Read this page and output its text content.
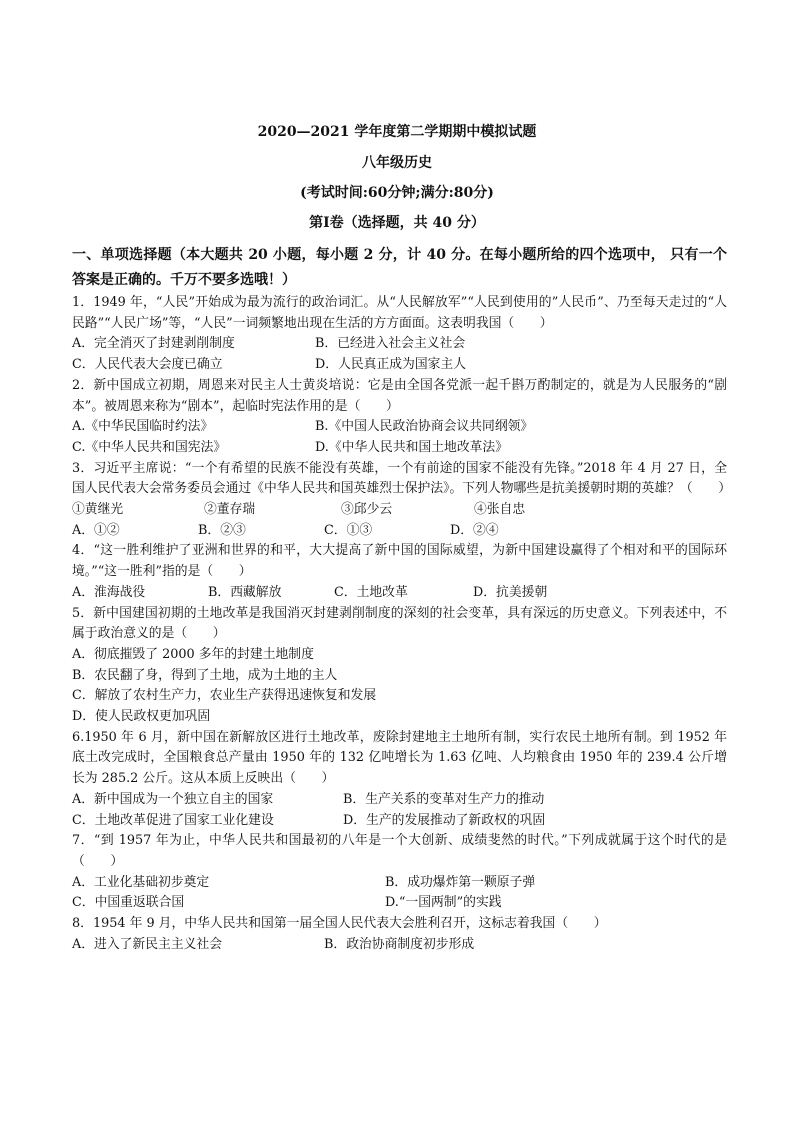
2020—2021 学年度第二学期期中模拟试题
八年级历史
(考试时间:60分钟;满分:80分)
第Ⅰ卷（选择题，共 40 分）
一、单项选择题（本大题共 20 小题，每小题 2 分，计 40 分。在每小题所给的四个选项中， 只有一个答案是正确的。千万不要多选哦！）

1．1949 年，“人民”开始成为最为流行的政治词汇。从“人民解放军”“人民到使用的”人民币”、乃至每天走过的“人民路”“人民广场”等，“人民”一词频繁地出现在生活的方方面面。这表明我国（　　）

A．完全消灭了封建剥削制度	B．已经进入社会主义社会
C．人民代表大会度已确立	D．人民真正成为国家主人

2．新中国成立初期，周恩来对民主人士黄炎培说：它是由全国各党派一起千斟万酌制定的，就是为人民服务的“剧本”。被周恩来称为“剧本”，起临时宪法作用的是（　　）

A.《中华民国临时约法》	B.《中国人民政治协商会议共同纲领》
C.《中华人民共和国宪法》	D.《中华人民共和国土地改革法》

3．习近平主席说：“一个有希望的民族不能没有英雄，一个有前途的国家不能没有先锋。”2018 年 4 月 27 日，全国人民代表大会常务委员会通过《中华人民共和国英雄烈士保护法》。下列人物哪些是抗美援朝时期的英雄？（　　）

①黄继光	②董存瑞	③邱少云	④张自忠
A．①②	B．②③	C．①③	D．②④

4．“这一胜利维护了亚洲和世界的和平，大大提高了新中国的国际威望，为新中国建设赢得了个相对和平的国际环境。”“这一胜利”指的是（　　）

A．淮海战役	B．西藏解放	C．土地改革	D．抗美援朝

5．新中国建国初期的土地改革是我国消灭封建剥削制度的深刻的社会变革，具有深远的历史意义。下列表述中，不属于政治意义的是（　　）

A．彻底摧毁了 2000 多年的封建土地制度
B．农民翻了身，得到了土地，成为土地的主人
C．解放了农村生产力，农业生产获得迅速恢复和发展
D．使人民政权更加巩固

6.1950 年 6 月，新中国在新解放区进行土地改革，废除封建地主土地所有制，实行农民土地所有制。到 1952 年底土改完成时，全国粮食总产量由 1950 年的 132 亿吨增长为 1.63 亿吨、人均粮食由 1950 年的 239.4 公斤增长为 285.2 公斤。这从本质上反映出（　　）

A．新中国成为一个独立自主的国家	B．生产关系的变革对生产力的推动
C．土地改革促进了国家工业化建设	D．生产的发展推动了新政权的巩固

7．“到 1957 年为止，中华人民共和国最初的八年是一个大创新、成绩斐然的时代。”下列成就属于这个时代的是（　　）

A．工业化基础初步奠定	B．成功爆炸第一颗原子弹
C．中国重返联合国	D.“一国两制”的实践

8．1954 年 9 月，中华人民共和国第一届全国人民代表大会胜利召开，这标志着我国（　　）

A．进入了新民主主义社会	B．政治协商制度初步形成
